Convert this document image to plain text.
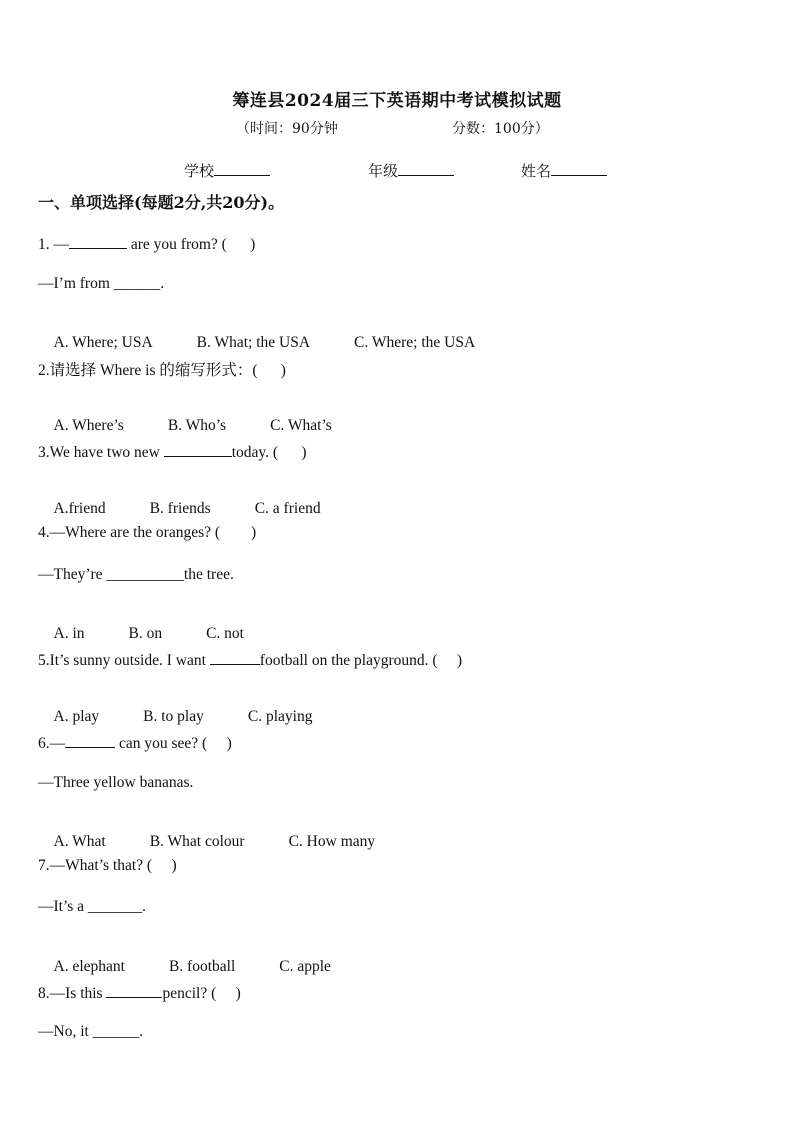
筹连县2024届三下英语期中考试模拟试题
（时间：90分钟	分数：100分）
学校	年级	姓名
一、单项选择(每题2分,共20分)。
1. —	are you from? (      )
—I’m from ______.

A. Where; USA	B. What; the USA	C. Where; the USA

2.请选择 Where is 的缩写形式：(      )

A. Where’s	B. Who’s	C. What’s

3.We have two new	today. (      )

A.friend	B. friends	C. a friend

4.—Where are the oranges? (        )
—They’re __________the tree.

A. in	B. on	C. not

5.It’s sunny outside. I want	football on the playground. (     )

A. play	B. to play	C. playing

6.—	can you see? (     )
—Three yellow bananas.

A. What	B. What colour	C. How many

7.—What’s that? (     )
—It’s a _______.

A. elephant	B. football	C. apple

8.—Is this	pencil? (     )
—No, it ______.
